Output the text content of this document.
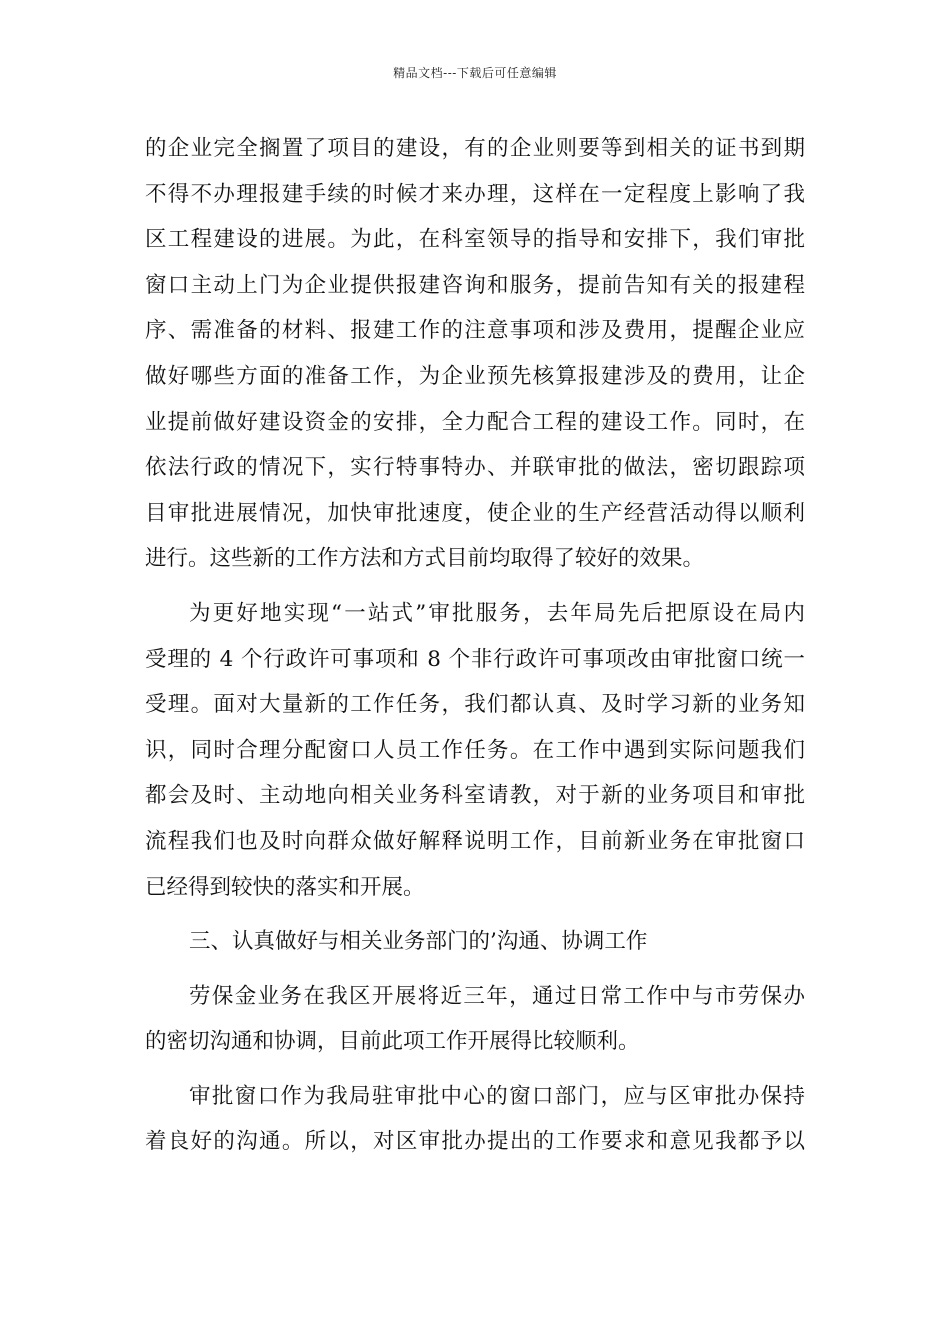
精品文档---下载后可任意编辑
的企业完全搁置了项目的建设，有的企业则要等到相关的证书到期
不得不办理报建手续的时候才来办理，这样在一定程度上影响了我
区工程建设的进展。为此，在科室领导的指导和安排下，我们审批
窗口主动上门为企业提供报建咨询和服务，提前告知有关的报建程
序、需准备的材料、报建工作的注意事项和涉及费用，提醒企业应
做好哪些方面的准备工作，为企业预先核算报建涉及的费用，让企
业提前做好建设资金的安排，全力配合工程的建设工作。同时，在
依法行政的情况下，实行特事特办、并联审批的做法，密切跟踪项
目审批进展情况，加快审批速度，使企业的生产经营活动得以顺利
进行。这些新的工作方法和方式目前均取得了较好的效果。
为更好地实现“一站式”审批服务，去年局先后把原设在局内
受理的 4 个行政许可事项和 8 个非行政许可事项改由审批窗口统一
受理。面对大量新的工作任务，我们都认真、及时学习新的业务知
识，同时合理分配窗口人员工作任务。在工作中遇到实际问题我们
都会及时、主动地向相关业务科室请教，对于新的业务项目和审批
流程我们也及时向群众做好解释说明工作，目前新业务在审批窗口
已经得到较快的落实和开展。
三、认真做好与相关业务部门的’沟通、协调工作
劳保金业务在我区开展将近三年，通过日常工作中与市劳保办
的密切沟通和协调，目前此项工作开展得比较顺利。
审批窗口作为我局驻审批中心的窗口部门，应与区审批办保持
着良好的沟通。所以，对区审批办提出的工作要求和意见我都予以
